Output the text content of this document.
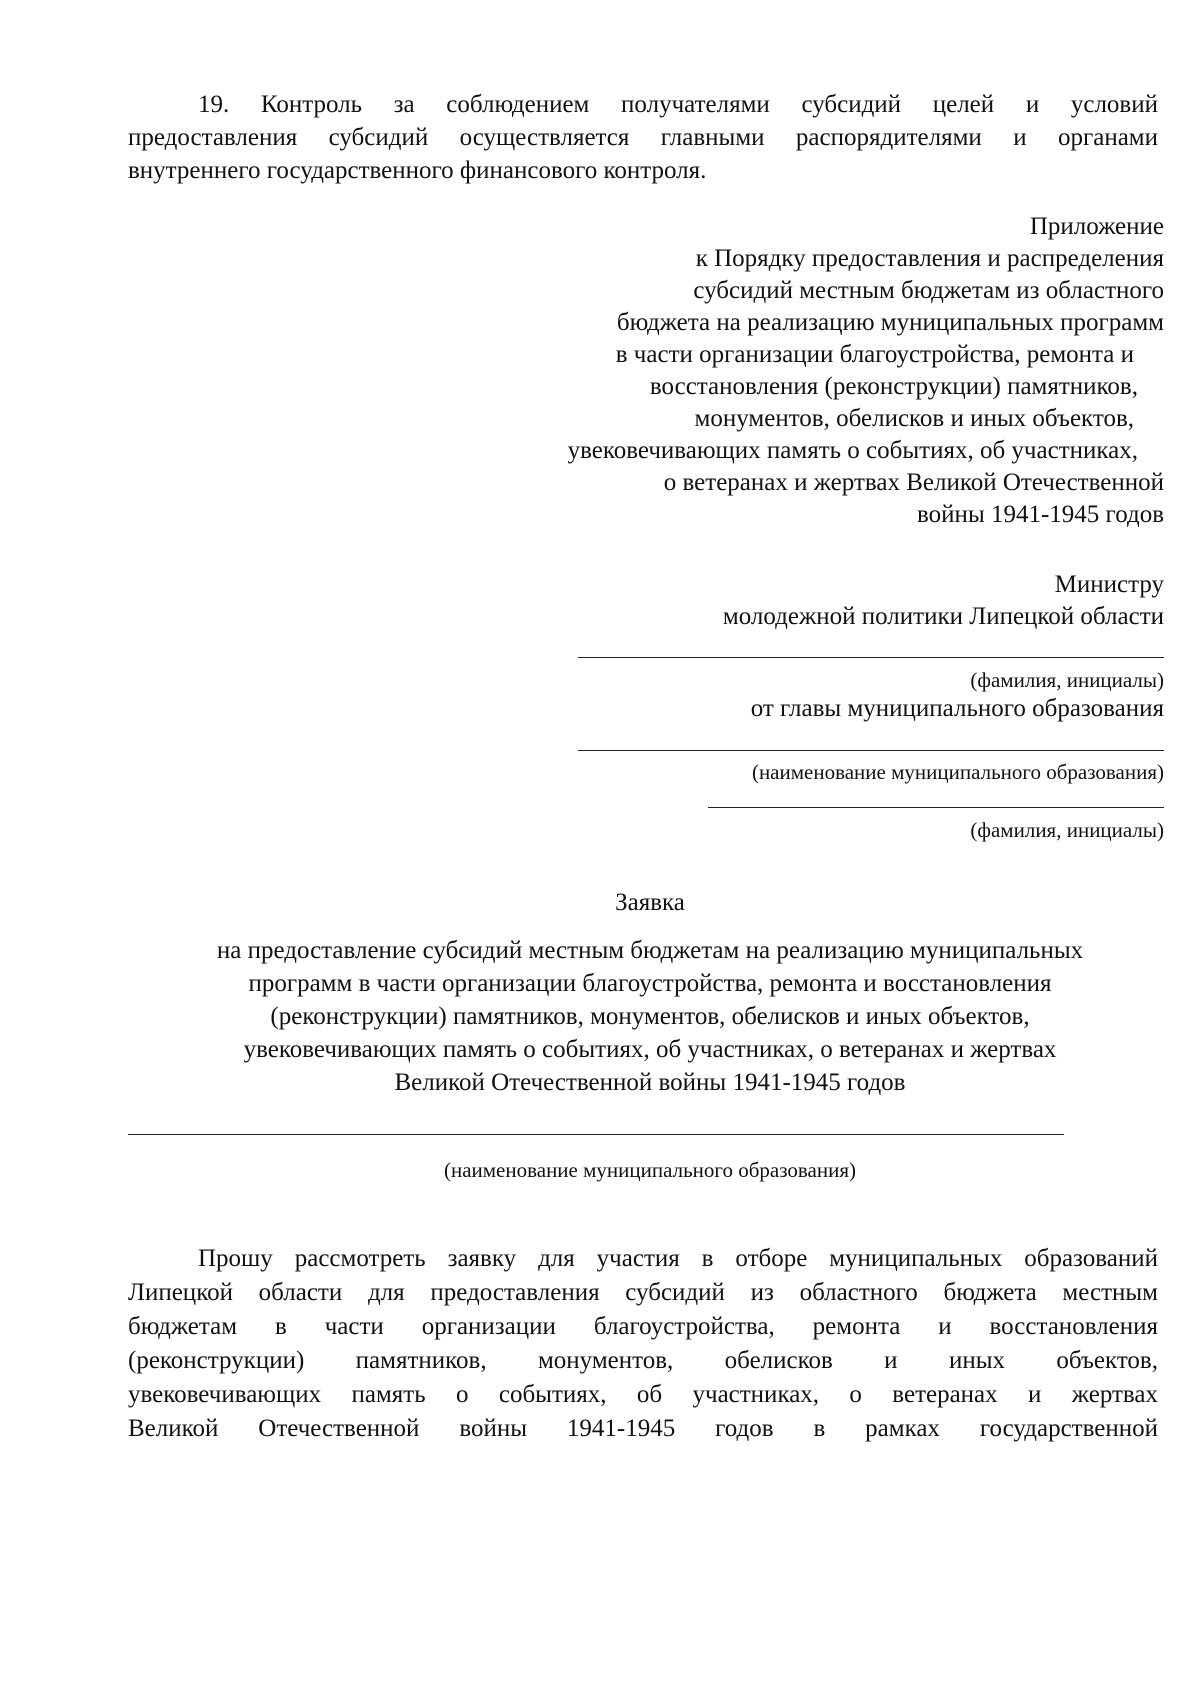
19. Контроль за соблюдением получателями субсидий целей и условий
предоставления субсидий осуществляется главными распорядителями и органами
внутреннего государственного финансового контроля.
Приложение
к Порядку предоставления и распределения
субсидий местным бюджетам из областного
бюджета на реализацию муниципальных программ
в части организации благоустройства, ремонта и
восстановления (реконструкции) памятников,
монументов, обелисков и иных объектов,
увековечивающих память о событиях, об участниках,
о ветеранах и жертвах Великой Отечественной
войны 1941-1945 годов
Министру
молодежной политики Липецкой области
(фамилия, инициалы)
от главы муниципального образования
(наименование муниципального образования)
(фамилия, инициалы)
Заявка
на предоставление субсидий местным бюджетам на реализацию муниципальных
программ в части организации благоустройства, ремонта и восстановления
(реконструкции) памятников, монументов, обелисков и иных объектов,
увековечивающих память о событиях, об участниках, о ветеранах и жертвах
Великой Отечественной войны 1941-1945 годов
(наименование муниципального образования)
Прошу рассмотреть заявку для участия в отборе муниципальных образований
Липецкой области для предоставления субсидий из областного бюджета местным
бюджетам в части организации благоустройства, ремонта и восстановления
(реконструкции) памятников, монументов, обелисков и иных объектов,
увековечивающих память о событиях, об участниках, о ветеранах и жертвах
Великой Отечественной войны 1941-1945 годов в рамках государственной
